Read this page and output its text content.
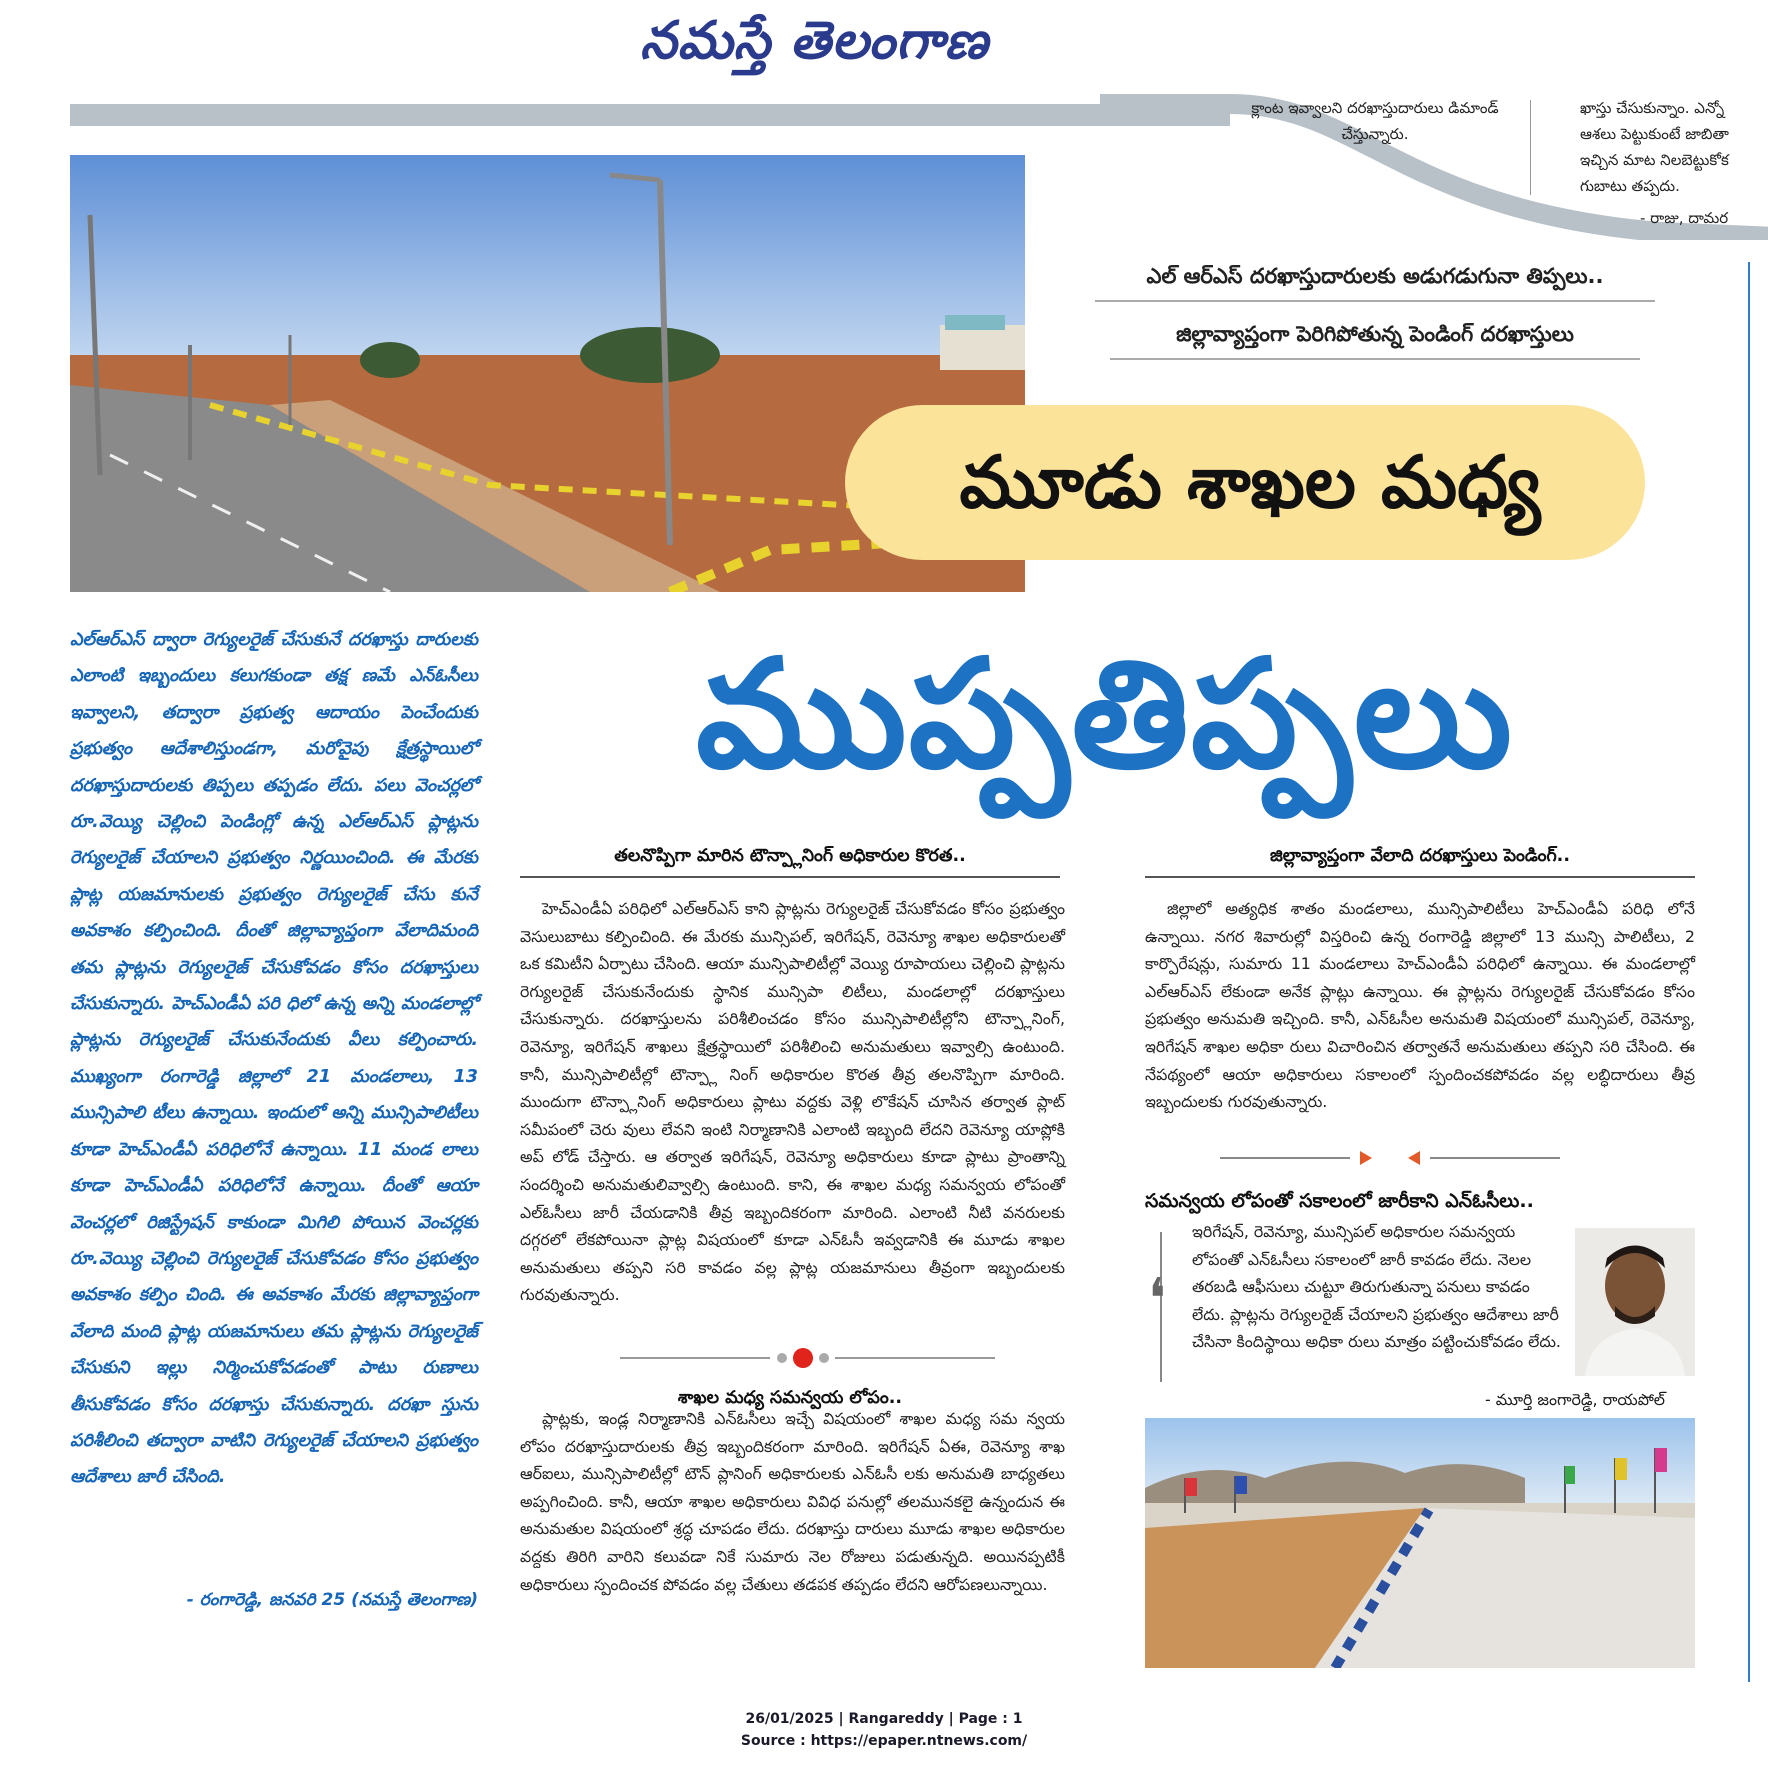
నమస్తే తెలంగాణ
క్లాంట ఇవ్వాలని దరఖాస్తుదారులు డిమాండ్ చేస్తున్నారు.
ఖాస్తు చేసుకున్నాం. ఎన్నో
ఆశలు పెట్టుకుంటే జాబితా
ఇచ్చిన మాట నిలబెట్టుకోక
గుబాటు తప్పదు.
- రాజు, దామర
ఎల్ ఆర్ఎస్ దరఖాస్తుదారులకు అడుగడుగునా తిప్పలు..
జిల్లావ్యాప్తంగా పెరిగిపోతున్న పెండింగ్ దరఖాస్తులు
మూడు శాఖల మధ్య
ముప్పతిప్పలు
ఎల్ఆర్ఎస్ ద్వారా రెగ్యులరైజ్ చేసుకునే దరఖాస్తు దారులకు ఎలాంటి ఇబ్బందులు కలుగకుండా తక్ష ణమే ఎన్ఓసీలు ఇవ్వాలని, తద్వారా ప్రభుత్వ ఆదాయం పెంచేందుకు ప్రభుత్వం ఆదేశాలిస్తుండగా, మరోవైపు క్షేత్రస్థాయిలో దరఖాస్తుదారులకు తిప్పలు తప్పడం లేదు. పలు వెంచర్లలో రూ.వెయ్యి చెల్లించి పెండింగ్లో ఉన్న ఎల్ఆర్ఎస్ ప్లాట్లను రెగ్యులరైజ్ చేయాలని ప్రభుత్వం నిర్ణయించింది. ఈ మేరకు ప్లాట్ల యజమానులకు ప్రభుత్వం రెగ్యులరైజ్ చేసు కునే అవకాశం కల్పించింది. దీంతో జిల్లావ్యాప్తంగా వేలాదిమంది తమ ప్లాట్లను రెగ్యులరైజ్ చేసుకోవడం కోసం దరఖాస్తులు చేసుకున్నారు. హెచ్ఎండీఏ పరి ధిలో ఉన్న అన్ని మండలాల్లో ప్లాట్లను రెగ్యులరైజ్ చేసుకునేందుకు వీలు కల్పించారు. ముఖ్యంగా రంగారెడ్డి జిల్లాలో 21 మండలాలు, 13 మున్సిపాలి టీలు ఉన్నాయి. ఇందులో అన్ని మున్సిపాలిటీలు కూడా హెచ్ఎండీఏ పరిధిలోనే ఉన్నాయి. 11 మండ లాలు కూడా హెచ్ఎండీఏ పరిధిలోనే ఉన్నాయి. దీంతో ఆయా వెంచర్లలో రిజిస్ట్రేషన్ కాకుండా మిగిలి పోయిన వెంచర్లకు రూ.వెయ్యి చెల్లించి రెగ్యులరైజ్ చేసుకోవడం కోసం ప్రభుత్వం అవకాశం కల్పిం చింది. ఈ అవకాశం మేరకు జిల్లావ్యాప్తంగా వేలాది మంది ప్లాట్ల యజమానులు తమ ప్లాట్లను రెగ్యులరైజ్ చేసుకుని ఇల్లు నిర్మించుకోవడంతో పాటు రుణాలు తీసుకోవడం కోసం దరఖాస్తు చేసుకున్నారు. దరఖా స్తును పరిశీలించి తద్వారా వాటిని రెగ్యులరైజ్ చేయాలని ప్రభుత్వం ఆదేశాలు జారీ చేసింది.
- రంగారెడ్డి, జనవరి 25 (నమస్తే తెలంగాణ)
తలనొప్పిగా మారిన టౌన్ప్లానింగ్ అధికారుల కొరత..
హెచ్ఎండీఏ పరిధిలో ఎల్ఆర్ఎస్ కాని ప్లాట్లను రెగ్యులరైజ్ చేసుకోవడం కోసం ప్రభుత్వం వెసులుబాటు కల్పించింది. ఈ మేరకు మున్సిపల్, ఇరిగేషన్, రెవెన్యూ శాఖల అధికారులతో ఒక కమిటీని ఏర్పాటు చేసింది. ఆయా మున్సిపాలిటీల్లో వెయ్యి రూపాయలు చెల్లించి ప్లాట్లను రెగ్యులరైజ్ చేసుకునేందుకు స్థానిక మున్సిపా లిటీలు, మండలాల్లో దరఖాస్తులు చేసుకున్నారు. దరఖాస్తులను పరిశీలించడం కోసం మున్సిపాలిటీల్లోని టౌన్ప్లానింగ్, రెవెన్యూ, ఇరిగేషన్ శాఖలు క్షేత్రస్థాయిలో పరిశీలించి అనుమతులు ఇవ్వాల్సి ఉంటుంది. కానీ, మున్సిపాలిటీల్లో టౌన్ప్లా నింగ్ అధికారుల కొరత తీవ్ర తలనొప్పిగా మారింది. ముందుగా టౌన్ప్లానింగ్ అధికారులు ప్లాటు వద్దకు వెళ్లి లొకేషన్ చూసిన తర్వాత ప్లాట్ సమీపంలో చెరు వులు లేవని ఇంటి నిర్మాణానికి ఎలాంటి ఇబ్బంది లేదని రెవెన్యూ యాప్లోకి అప్ లోడ్ చేస్తారు. ఆ తర్వాత ఇరిగేషన్, రెవెన్యూ అధికారులు కూడా ప్లాటు ప్రాంతాన్ని సందర్శించి అనుమతులివ్వాల్సి ఉంటుంది. కాని, ఈ శాఖల మధ్య సమన్వయ లోపంతో ఎల్ఓసీలు జారీ చేయడానికి తీవ్ర ఇబ్బందికరంగా మారింది. ఎలాంటి నీటి వనరులకు దగ్గరలో లేకపోయినా ప్లాట్ల విషయంలో కూడా ఎన్ఓసీ ఇవ్వడానికి ఈ మూడు శాఖల అనుమతులు తప్పని సరి కావడం వల్ల ప్లాట్ల యజమానులు తీవ్రంగా ఇబ్బందులకు గురవుతున్నారు.
జిల్లావ్యాప్తంగా వేలాది దరఖాస్తులు పెండింగ్..
జిల్లాలో అత్యధిక శాతం మండలాలు, మున్సిపాలిటీలు హెచ్ఎండీఏ పరిధి లోనే ఉన్నాయి. నగర శివారుల్లో విస్తరించి ఉన్న రంగారెడ్డి జిల్లాలో 13 మున్సి పాలిటీలు, 2 కార్పొరేషన్లు, సుమారు 11 మండలాలు హెచ్ఎండీఏ పరిధిలో ఉన్నాయి. ఈ మండలాల్లో ఎల్ఆర్ఎస్ లేకుండా అనేక ప్లాట్లు ఉన్నాయి. ఈ ప్లాట్లను రెగ్యులరైజ్ చేసుకోవడం కోసం ప్రభుత్వం అనుమతి ఇచ్చింది. కానీ, ఎన్ఓసీల అనుమతి విషయంలో మున్సిపల్, రెవెన్యూ, ఇరిగేషన్ శాఖల అధికా రులు విచారించిన తర్వాతనే అనుమతులు తప్పని సరి చేసింది. ఈ నేపథ్యంలో ఆయా అధికారులు సకాలంలో స్పందించకపోవడం వల్ల లబ్ధిదారులు తీవ్ర ఇబ్బందులకు గురవుతున్నారు.
శాఖల మధ్య సమన్వయ లోపం..
ప్లాట్లకు, ఇండ్ల నిర్మాణానికి ఎన్ఓసీలు ఇచ్చే విషయంలో శాఖల మధ్య సమ న్వయ లోపం దరఖాస్తుదారులకు తీవ్ర ఇబ్బందికరంగా మారింది. ఇరిగేషన్ ఏఈ, రెవెన్యూ శాఖ ఆర్ఐలు, మున్సిపాలిటీల్లో టౌన్ ప్లానింగ్ అధికారులకు ఎన్ఓసీ లకు అనుమతి బాధ్యతలు అప్పగించింది. కానీ, ఆయా శాఖల అధికారులు వివిధ పనుల్లో తలమునకలై ఉన్నందున ఈ అనుమతుల విషయంలో శ్రద్ధ చూపడం లేదు. దరఖాస్తు దారులు మూడు శాఖల అధికారుల వద్దకు తిరిగి వారిని కలువడా నికే సుమారు నెల రోజులు పడుతున్నది. అయినప్పటికీ అధికారులు స్పందించక పోవడం వల్ల చేతులు తడపక తప్పడం లేదని ఆరోపణలున్నాయి.
సమన్వయ లోపంతో సకాలంలో జారీకాని ఎన్ఓసీలు..
❛
ఇరిగేషన్, రెవెన్యూ, మున్సిపల్ అధికారుల సమన్వయ లోపంతో ఎన్ఓసీలు సకాలంలో జారీ కావడం లేదు. నెలల తరబడి ఆఫీసులు చుట్టూ తిరుగుతున్నా పనులు కావడం లేదు. ప్లాట్లను రెగ్యులరైజ్ చేయాలని ప్రభుత్వం ఆదేశాలు జారీ చేసినా కిందిస్థాయి అధికా రులు మాత్రం పట్టించుకోవడం లేదు.
- మూర్తి జంగారెడ్డి, రాయపోల్
26/01/2025 | Rangareddy | Page : 1
Source : https://epaper.ntnews.com/
